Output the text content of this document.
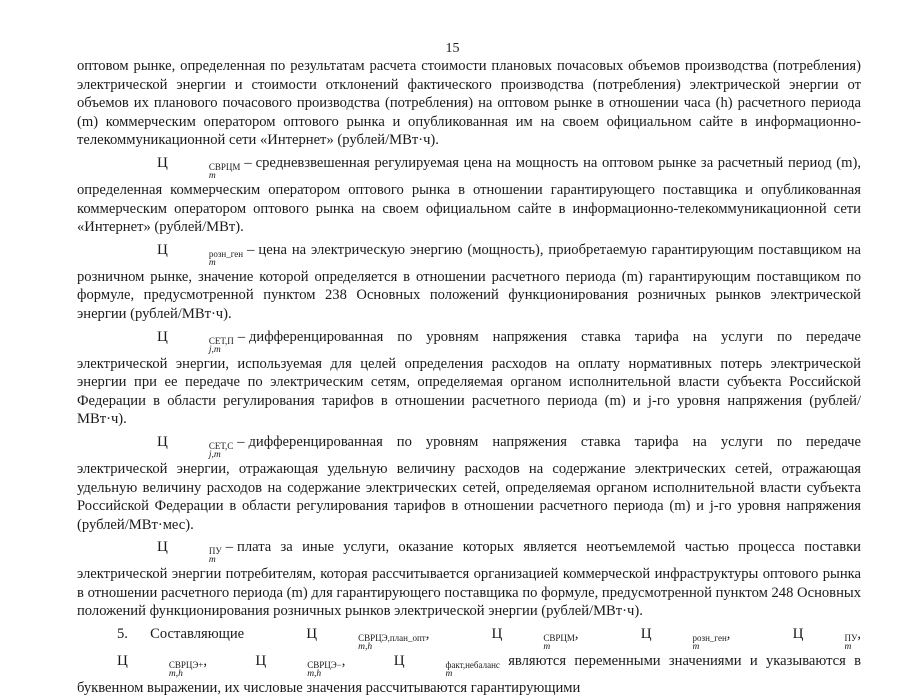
15

оптовом рынке, определенная по результатам расчета стоимости плановых почасовых объемов производства (потребления) электрической энергии и стоимости отклонений фактического производства (потребления) электрической энергии от объемов их планового почасового производства (потребления) на оптовом рынке в отношении часа (h) расчетного периода (m) коммерческим оператором оптового рынка и опубликованная им на своем официальном сайте в информационно-телекоммуникационной сети «Интернет» (рублей/МВт·ч).

Ц	СВРЦМ
m
– средневзвешенная регулируемая цена на мощность на оптовом рынке за расчетный период (m), определенная коммерческим оператором оптового рынка в отношении гарантирующего поставщика и опубликованная коммерческим оператором оптового рынка на своем официальном сайте в информационно-телекоммуникационной сети «Интернет» (рублей/МВт).

Ц	розн_ген
m
– цена на электрическую энергию (мощность), приобретаемую гарантирующим поставщиком на розничном рынке, значение которой определяется в отношении расчетного периода (m) гарантирующим поставщиком по формуле, предусмотренной пунктом 238 Основных положений функционирования розничных рынков электрической энергии (рублей/МВт·ч).

Ц	СЕТ,П
j,m
– дифференцированная по уровням напряжения ставка тарифа на услуги по передаче электрической энергии, используемая для целей определения расходов на оплату нормативных потерь электрической энергии при ее передаче по электрическим сетям, определяемая органом исполнительной власти субъекта Российской Федерации в области регулирования тарифов в отношении расчетного периода (m) и j-го уровня напряжения (рублей/МВт·ч).

Ц	СЕТ,С
j,m
– дифференцированная по уровням напряжения ставка тарифа на услуги по передаче электрической энергии, отражающая удельную величину расходов на содержание электрических сетей, отражающая удельную величину расходов на содержание электрических сетей, определяемая органом исполнительной власти субъекта Российской Федерации в области регулирования тарифов в отношении расчетного периода (m) и j-го уровня напряжения (рублей/МВт·мес).

Ц	ПУ
m
– плата за иные услуги, оказание которых является неотъемлемой частью процесса поставки электрической энергии потребителям, которая рассчитывается организацией коммерческой инфраструктуры оптового рынка в отношении расчетного периода (m) для гарантирующего поставщика по формуле, предусмотренной пунктом 248 Основных положений функционирования розничных рынков электрической энергии (рублей/МВт·ч).

5. Составляющие	Ц	СВРЦЭ,план_опт
m,h
,	Ц	СВРЦМ
m
,	Ц	розн_ген
m
,	Ц	ПУ
m
, Ц	СВРЦЭ+
m,h
,	Ц	СВРЦЭ−
m,h
,	Ц	факт,небаланс
m
являются переменными значениями и указываются в буквенном выражении, их числовые значения рассчитываются гарантирующими
